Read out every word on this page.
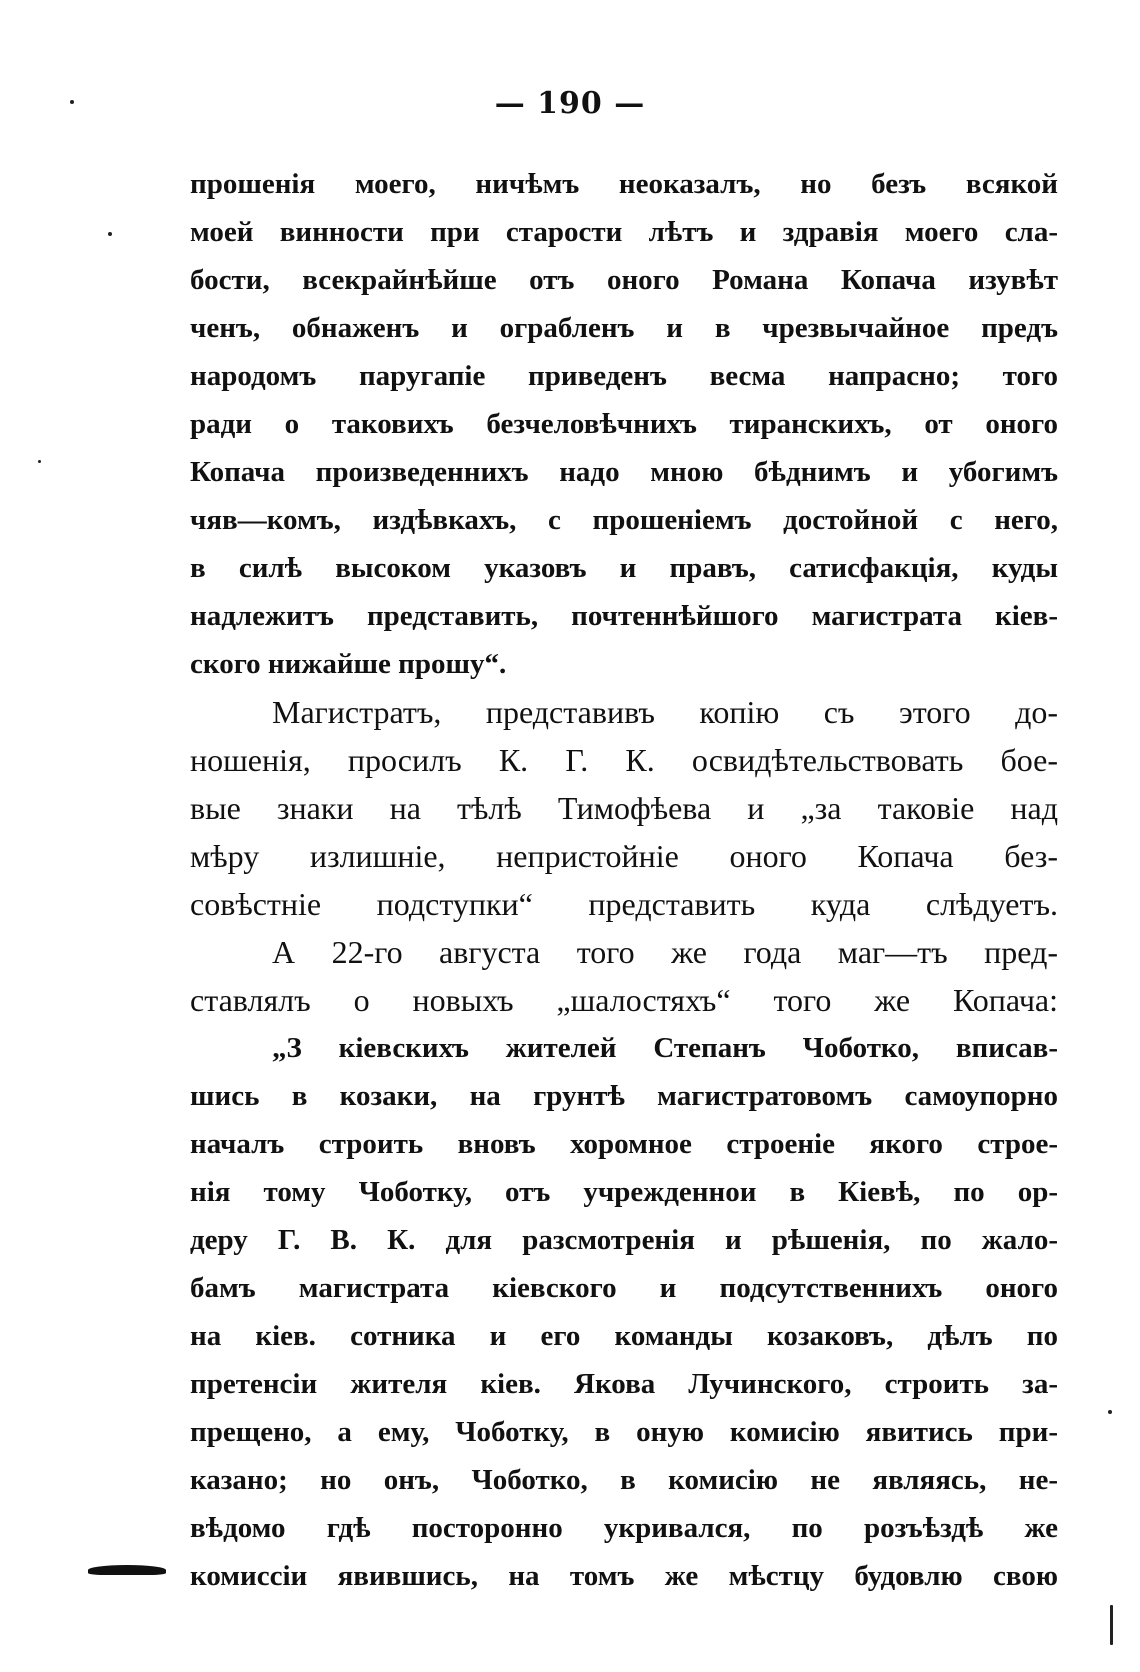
— 190 —
прошенія моего, ничѣмъ неоказалъ, но безъ всякой
моей винности при старости лѣтъ и здравія моего сла-
бости, всекрайнѣйше отъ оного Романа Копача изувѣт
ченъ, обнаженъ и ограбленъ и в чрезвычайное предъ
народомъ паругапіе приведенъ весма напрасно; того
ради о таковихъ безчеловѣчнихъ тиранскихъ, от оного
Копача произведенниxъ надо мною бѣднимъ и убогимъ
чяв—комъ, издѣвкахъ, с прошеніемъ достойной с него,
в силѣ высоком указовъ и правъ, сатисфакція, куды
надлежитъ представить, почтеннѣйшого магистрата кіев-
ского нижайше прошу“.
Магистратъ, представивъ копію съ этого до-
ношенія, просилъ К. Г. К. освидѣтельствовать бое-
вые знаки на тѣлѣ Тимофѣева и „за таковіе над
мѣру излишніе, непристойніе оного Копача без-
совѣстніе подступки“ представить куда слѣдуетъ.
А 22-го августа того же года маг—тъ пред-
ставлялъ о новыхъ „шалостяхъ“ того же Копача:
„З кіевскихъ жителей Степанъ Чоботко, вписав-
шись в козаки, на грунтѣ магистратовомъ самоупорно
началъ строить вновъ хоромное строеніе якого строе-
нія тому Чоботку, отъ учрежденнои в Кіевѣ, по ор-
деру Г. В. К. для разсмотренія и рѣшенія, по жало-
бамъ магистрата кіевского и подсутственнихъ оного
на кіев. сотника и его команды козаковъ, дѣлъ по
претенсіи жителя кіев. Якова Лучинского, строить за-
прещено, а ему, Чоботку, в оную комисію явитись при-
казано; но онъ, Чоботко, в комисію не являясь, не-
вѣдомо гдѣ посторонно укривался, по розъѣздѣ же
комиссіи явившись, на томъ же мѣстцу будовлю свою
